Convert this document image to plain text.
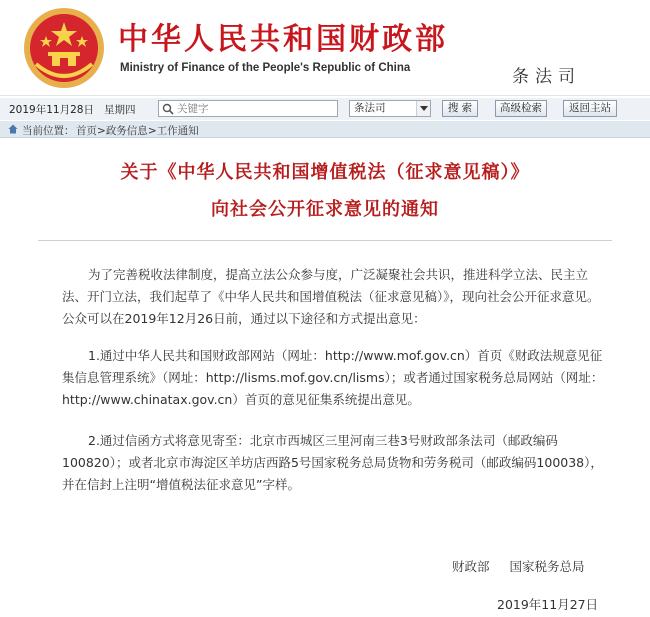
中华人民共和国财政部
Ministry of Finance of the People's Republic of China	条法司
2019年11月28日 星期四
关键字	条法司	搜 索	高级检索	返回主站
当前位置： 首页>政务信息>工作通知
关于《中华人民共和国增值税法（征求意见稿）》
向社会公开征求意见的通知
为了完善税收法律制度，提高立法公众参与度，广泛凝聚社会共识，推进科学立法、民主立法、开门立法，我们起草了《中华人民共和国增值税法（征求意见稿）》，现向社会公开征求意见。公众可以在2019年12月26日前，通过以下途径和方式提出意见：
1.通过中华人民共和国财政部网站（网址：http://www.mof.gov.cn）首页《财政法规意见征集信息管理系统》（网址：http://lisms.mof.gov.cn/lisms）；或者通过国家税务总局网站（网址：http://www.chinatax.gov.cn）首页的意见征集系统提出意见。
2.通过信函方式将意见寄至：北京市西城区三里河南三巷3号财政部条法司（邮政编码100820）；或者北京市海淀区羊坊店西路5号国家税务总局货物和劳务税司（邮政编码100038），并在信封上注明“增值税法征求意见”字样。
财政部 国家税务总局
2019年11月27日
